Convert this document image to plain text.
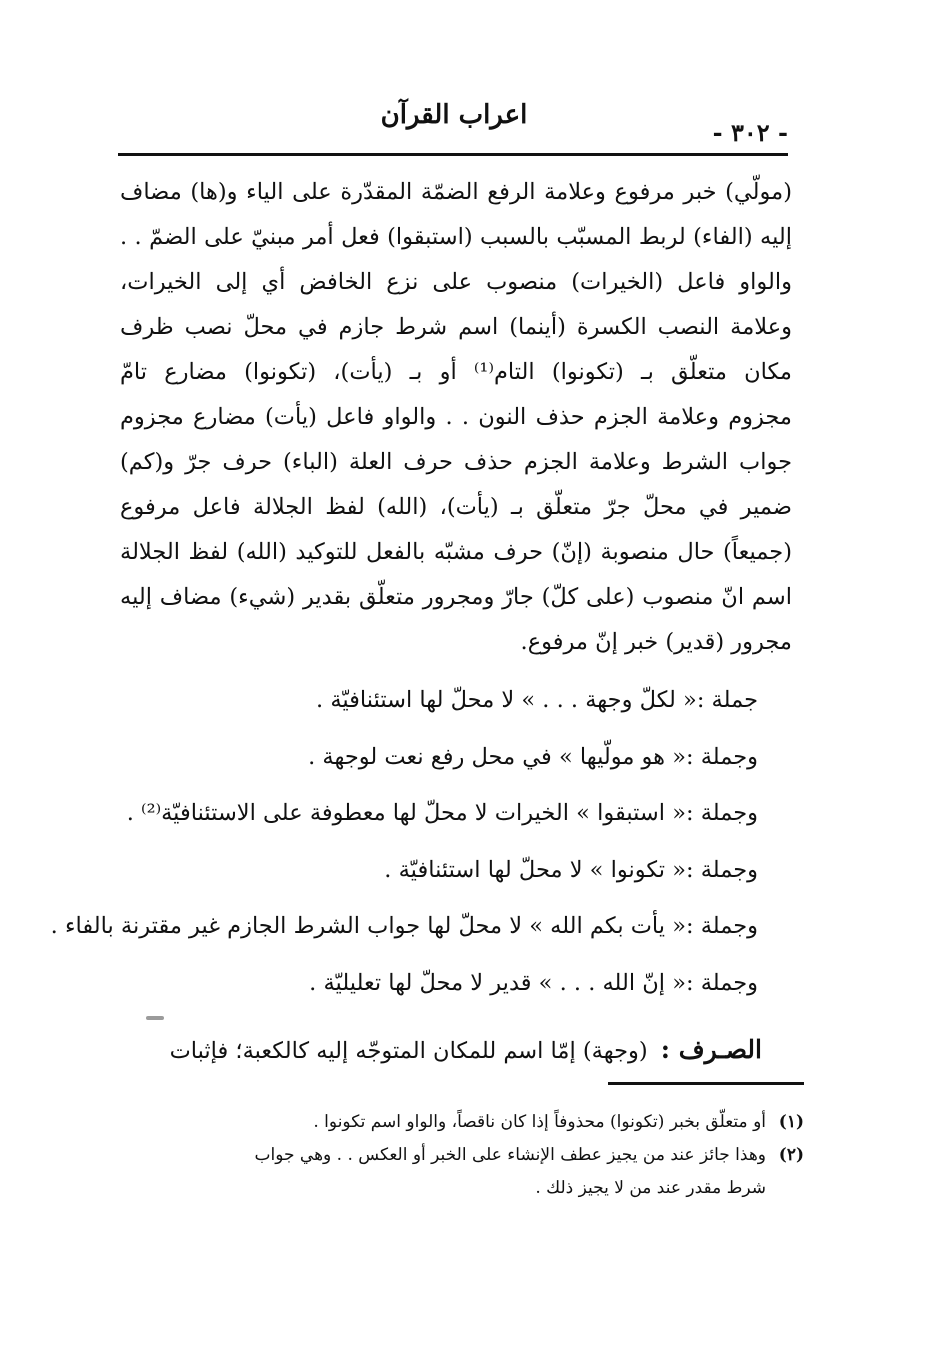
اعراب القرآن
- ٣٠٢ -
(مولّي) خبر مرفوع وعلامة الرفع الضمّة المقدّرة على الياء و(ها) مضاف
إليه (الفاء) لربط المسبّب بالسبب (استبقوا) فعل أمر مبنيّ على الضمّ . .
والواو فاعل (الخيرات) منصوب على نزع الخافض أي إلى الخيرات،
وعلامة النصب الكسرة (أينما) اسم شرط جازم في محلّ نصب ظرف
مكان متعلّق بـ (تكونوا) التام⁽¹⁾ أو بـ (يأت)، (تكونوا) مضارع تامّ
مجزوم وعلامة الجزم حذف النون . . والواو فاعل (يأت) مضارع مجزوم
جواب الشرط وعلامة الجزم حذف حرف العلة (الباء) حرف جرّ و(كم)
ضمير في محلّ جرّ متعلّق بـ (يأت)، (الله) لفظ الجلالة فاعل مرفوع
(جميعاً) حال منصوبة (إنّ) حرف مشبّه بالفعل للتوكيد (الله) لفظ الجلالة
اسم انّ منصوب (على كلّ) جارّ ومجرور متعلّق بقدير (شيء) مضاف إليه
مجرور (قدير) خبر إنّ مرفوع.
جملة :« لكلّ وجهة . . . » لا محلّ لها استئنافيّة .
وجملة :« هو مولّيها » في محل رفع نعت لوجهة .
وجملة :« استبقوا » الخيرات لا محلّ لها معطوفة على الاستئنافيّة⁽²⁾ .
وجملة :« تكونوا » لا محلّ لها استئنافيّة .
وجملة :« يأت بكم الله » لا محلّ لها جواب الشرط الجازم غير مقترنة بالفاء .
وجملة :« إنّ الله . . . » قدير لا محلّ لها تعليليّة .
الصـرف : (وجهة) إمّا اسم للمكان المتوجّه إليه كالكعبة؛ فإثبات
(١)أو متعلّق بخبر (تكونوا) محذوفاً إذا كان ناقصاً، والواو اسم تكونوا .
(٢)وهذا جائز عند من يجيز عطف الإنشاء على الخبر أو العكس . . وهي جواب
شرط مقدر عند من لا يجيز ذلك .
